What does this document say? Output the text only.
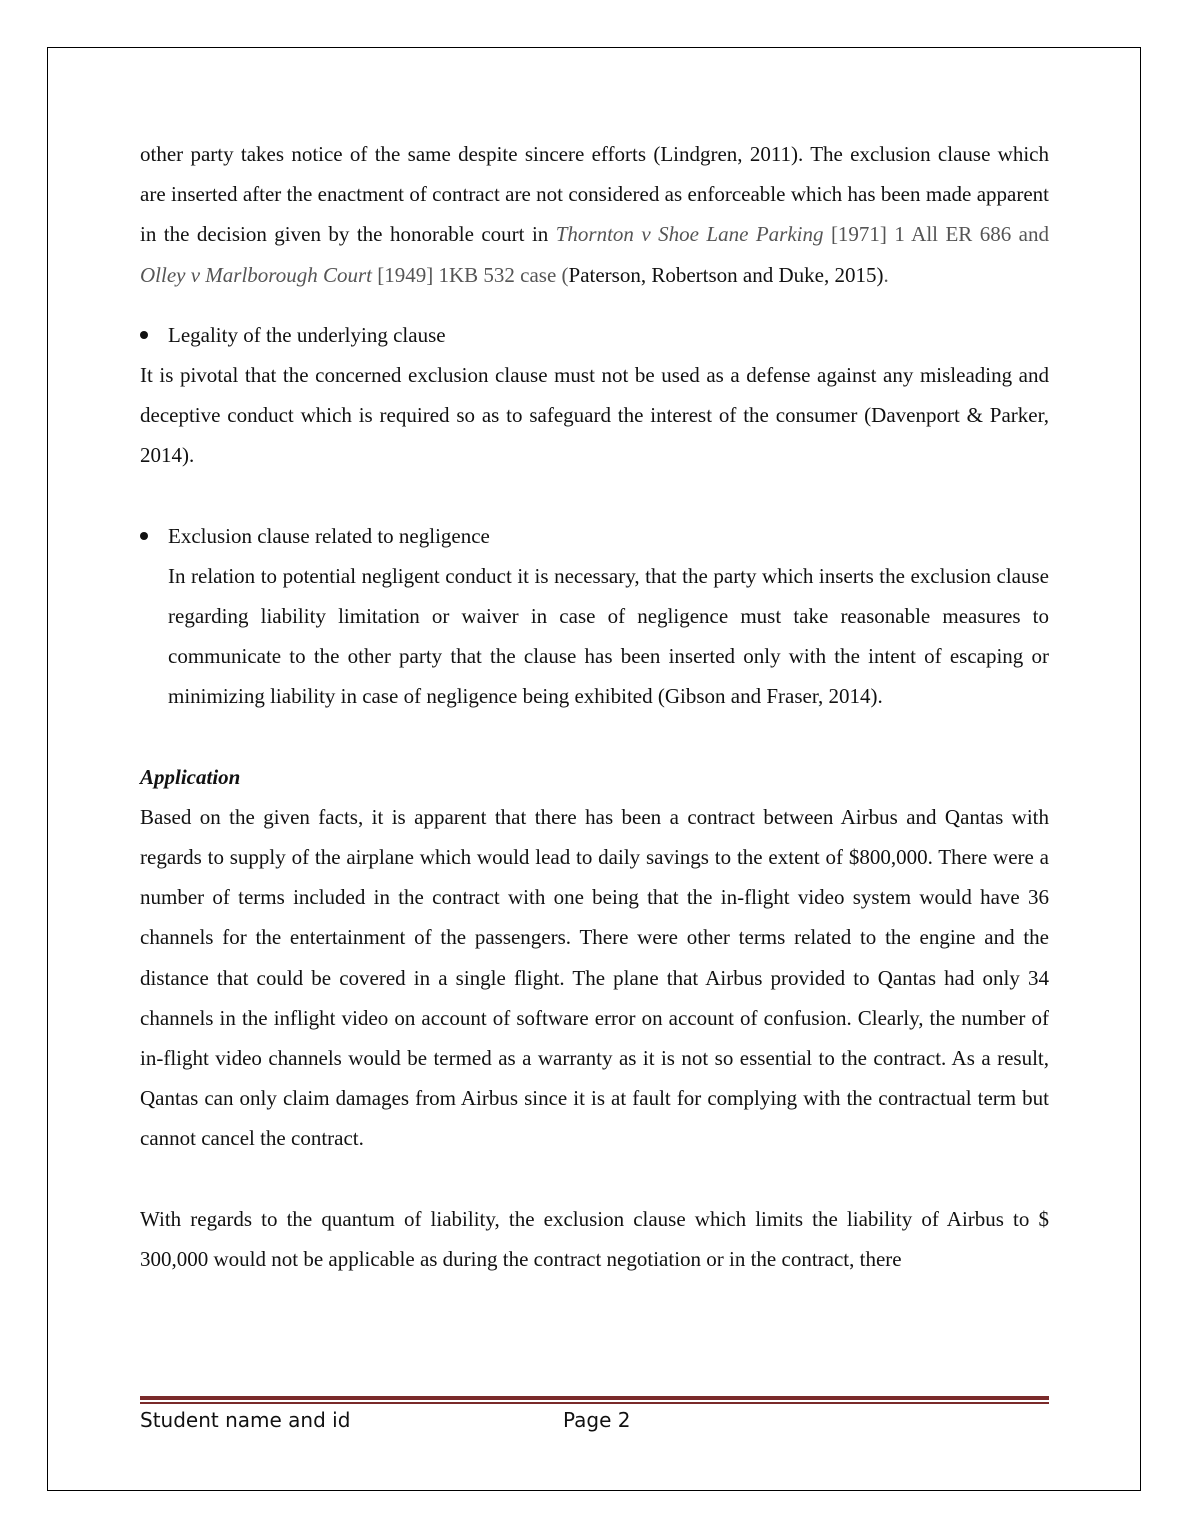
other party takes notice of the same despite sincere efforts (Lindgren, 2011). The exclusion clause which are inserted after the enactment of contract are not considered as enforceable which has been made apparent in the decision given by the honorable court in Thornton v Shoe Lane Parking [1971] 1 All ER 686 and Olley v Marlborough Court [1949] 1KB 532 case (Paterson, Robertson and Duke, 2015).

Legality of the underlying clause

It is pivotal that the concerned exclusion clause must not be used as a defense against any misleading and deceptive conduct which is required so as to safeguard the interest of the consumer (Davenport & Parker, 2014).

Exclusion clause related to negligence

In relation to potential negligent conduct it is necessary, that the party which inserts the exclusion clause regarding liability limitation or waiver in case of negligence must take reasonable measures to communicate to the other party that the clause has been inserted only with the intent of escaping or minimizing liability in case of negligence being exhibited (Gibson and Fraser, 2014).

Application

Based on the given facts, it is apparent that there has been a contract between Airbus and Qantas with regards to supply of the airplane which would lead to daily savings to the extent of $800,000. There were a number of terms included in the contract with one being that the in-flight video system would have 36 channels for the entertainment of the passengers. There were other terms related to the engine and the distance that could be covered in a single flight. The plane that Airbus provided to Qantas had only 34 channels in the inflight video on account of software error on account of confusion. Clearly, the number of in-flight video channels would be termed as a warranty as it is not so essential to the contract. As a result, Qantas can only claim damages from Airbus since it is at fault for complying with the contractual term but cannot cancel the contract.

With regards to the quantum of liability, the exclusion clause which limits the liability of Airbus to $ 300,000 would not be applicable as during the contract negotiation or in the contract, there

Student name and id	Page 2
